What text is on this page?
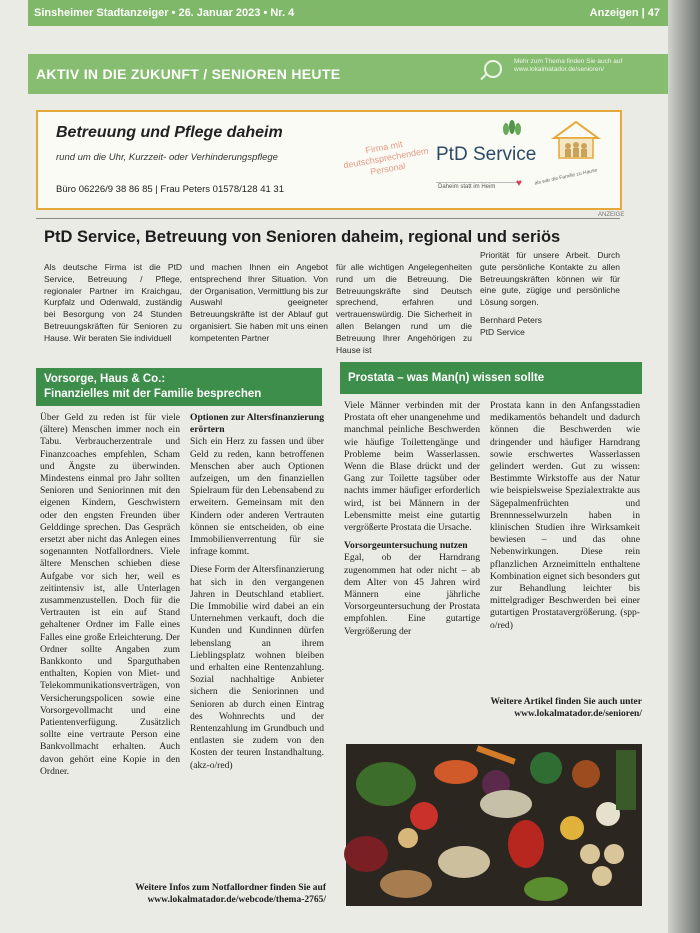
Sinsheimer Stadtanzeiger • 26. Januar 2023 • Nr. 4	Anzeigen | 47
AKTIV IN DIE ZUKUNFT / SENIOREN HEUTE
Mehr zum Thema finden Sie auch auf
www.lokalmatador.de/senioren/
Betreuung und Pflege daheim
rund um die Uhr, Kurzzeit- oder Verhinderungspflege
Büro 06226/9 38 86 85 | Frau Peters 01578/128 41 31
Firma mit deutschsprechendem Personal
PtD Service
Daheim statt im Heim ♥ als wär die Familie zu Hause
ANZEIGE
PtD Service, Betreuung von Senioren daheim, regional und seriös
Als deutsche Firma ist die PtD Service, Betreuung / Pflege, regionaler Partner im Kraichgau, Kurpfalz und Odenwald, zuständig bei Besorgung von 24 Stunden Betreuungskräften für Senioren zu Hause. Wir beraten Sie individuell
und machen Ihnen ein Angebot entsprechend Ihrer Situation. Von der Organisation, Vermittlung bis zur Auswahl geeigneter Betreuungskräfte ist der Ablauf gut organisiert. Sie haben mit uns einen kompetenten Partner
für alle wichtigen Angelegenheiten rund um die Betreuung. Die Betreuungskräfte sind Deutsch sprechend, erfahren und vertrauenswürdig. Die Sicherheit in allen Belangen rund um die Betreuung Ihrer Angehörigen zu Hause ist
Priorität für unsere Arbeit. Durch gute persönliche Kontakte zu allen Betreuungskräften können wir für eine gute, zügige und persönliche Lösung sorgen.
Bernhard Peters
PtD Service
Vorsorge, Haus & Co.:
Finanzielles mit der Familie besprechen
Über Geld zu reden ist für viele (ältere) Menschen immer noch ein Tabu. Verbraucherzentrale und Finanzcoaches empfehlen, Scham und Ängste zu überwinden. Mindestens einmal pro Jahr sollten Senioren und Seniorinnen mit den eigenen Kindern, Geschwistern oder den engsten Freunden über Gelddinge sprechen. Das Gespräch ersetzt aber nicht das Anlegen eines sogenannten Notfallordners. Viele ältere Menschen schieben diese Aufgabe vor sich her, weil es zeitintensiv ist, alle Unterlagen zusammenzustellen. Doch für die Vertrauten ist ein auf Stand gehaltener Ordner im Falle eines Falles eine große Erleichterung. Der Ordner sollte Angaben zum Bankkonto und Sparguthaben enthalten, Kopien von Miet- und Telekommunikationsverträgen, von Versicherungspolicen sowie eine Vorsorgevollmacht und eine Patientenverfügung. Zusätzlich sollte eine vertraute Person eine Bankvollmacht erhalten. Auch davon gehört eine Kopie in den Ordner.
Optionen zur Altersfinanzierung erörtern
Sich ein Herz zu fassen und über Geld zu reden, kann betroffenen Menschen aber auch Optionen aufzeigen, um den finanziellen Spielraum für den Lebensabend zu erweitern. Gemeinsam mit den Kindern oder anderen Vertrauten können sie entscheiden, ob eine Immobilienverrentung für sie infrage kommt.
Diese Form der Altersfinanzierung hat sich in den vergangenen Jahren in Deutschland etabliert. Die Immobilie wird dabei an ein Unternehmen verkauft, doch die Kunden und Kundinnen dürfen lebenslang an ihrem Lieblingsplatz wohnen bleiben und erhalten eine Rentenzahlung. Sozial nachhaltige Anbieter sichern die Seniorinnen und Senioren ab durch einen Eintrag des Wohnrechts und der Rentenzahlung im Grundbuch und entlasten sie zudem von den Kosten der teuren Instandhaltung. (akz-o/red)
Weitere Infos zum Notfallordner finden Sie auf
www.lokalmatador.de/webcode/thema-2765/
Prostata – was Man(n) wissen sollte
Viele Männer verbinden mit der Prostata oft eher unangenehme und manchmal peinliche Beschwerden wie häufige Toilettengänge und Probleme beim Wasserlassen. Wenn die Blase drückt und der Gang zur Toilette tagsüber oder nachts immer häufiger erforderlich wird, ist bei Männern in der Lebensmitte meist eine gutartig vergrößerte Prostata die Ursache.
Vorsorgeuntersuchung nutzen
Egal, ob der Harndrang zugenommen hat oder nicht – ab dem Alter von 45 Jahren wird Männern eine jährliche Vorsorgeuntersuchung der Prostata empfohlen. Eine gutartige Vergrößerung der
Prostata kann in den Anfangsstadien medikamentös behandelt und dadurch können die Beschwerden wie dringender und häufiger Harndrang sowie erschwertes Wasserlassen gelindert werden. Gut zu wissen: Bestimmte Wirkstoffe aus der Natur wie beispielsweise Spezialextrakte aus Sägepalmenfrüchten und Brennnesselwurzeln haben in klinischen Studien ihre Wirksamkeit bewiesen – und das ohne Nebenwirkungen. Diese rein pflanzlichen Arzneimitteln enthaltene Kombination eignet sich besonders gut zur Behandlung leichter bis mittelgradiger Beschwerden bei einer gutartigen Prostatavergrößerung. (spp-o/red)
Weitere Artikel finden Sie auch unter
www.lokalmatador.de/senioren/
